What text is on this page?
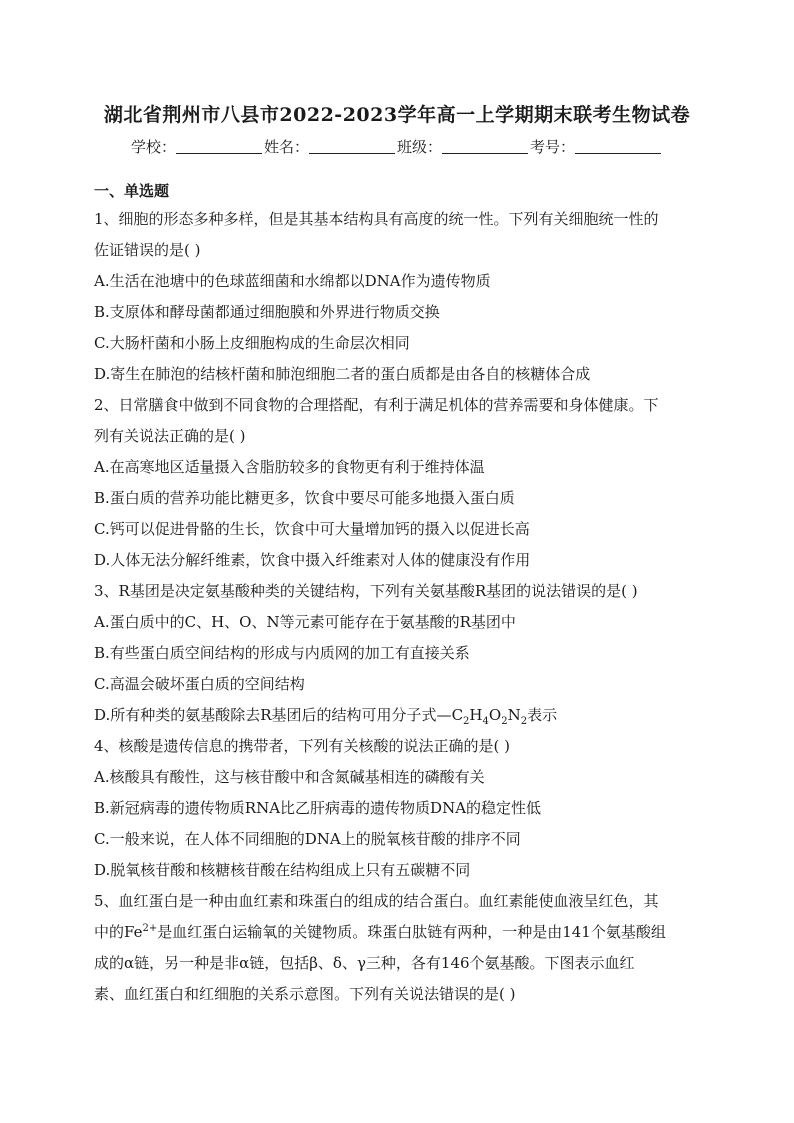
湖北省荆州市八县市2022-2023学年高一上学期期末联考生物试卷
学校：	姓名：	班级：	考号：
一、单选题
1、细胞的形态多种多样，但是其基本结构具有高度的统一性。下列有关细胞统一性的
佐证错误的是( )
A.生活在池塘中的色球蓝细菌和水绵都以DNA作为遗传物质
B.支原体和酵母菌都通过细胞膜和外界进行物质交换
C.大肠杆菌和小肠上皮细胞构成的生命层次相同
D.寄生在肺泡的结核杆菌和肺泡细胞二者的蛋白质都是由各自的核糖体合成
2、日常膳食中做到不同食物的合理搭配，有利于满足机体的营养需要和身体健康。下
列有关说法正确的是( )
A.在高寒地区适量摄入含脂肪较多的食物更有利于维持体温
B.蛋白质的营养功能比糖更多，饮食中要尽可能多地摄入蛋白质
C.钙可以促进骨骼的生长，饮食中可大量增加钙的摄入以促进长高
D.人体无法分解纤维素，饮食中摄入纤维素对人体的健康没有作用
3、R基团是决定氨基酸种类的关键结构，下列有关氨基酸R基团的说法错误的是( )
A.蛋白质中的C、H、O、N等元素可能存在于氨基酸的R基团中
B.有些蛋白质空间结构的形成与内质网的加工有直接关系
C.高温会破坏蛋白质的空间结构
D.所有种类的氨基酸除去R基团后的结构可用分子式$—C_2H_4O_2N_2$表示
4、核酸是遗传信息的携带者，下列有关核酸的说法正确的是( )
A.核酸具有酸性，这与核苷酸中和含氮碱基相连的磷酸有关
B.新冠病毒的遗传物质RNA比乙肝病毒的遗传物质DNA的稳定性低
C.一般来说，在人体不同细胞的DNA上的脱氧核苷酸的排序不同
D.脱氧核苷酸和核糖核苷酸在结构组成上只有五碳糖不同
5、血红蛋白是一种由血红素和珠蛋白的组成的结合蛋白。血红素能使血液呈红色，其
中的$Fe^{2+}$是血红蛋白运输氧的关键物质。珠蛋白肽链有两种，一种是由141个氨基酸组
成的α链，另一种是非α链，包括β、δ、γ三种，各有146个氨基酸。下图表示血红
素、血红蛋白和红细胞的关系示意图。下列有关说法错误的是( )
